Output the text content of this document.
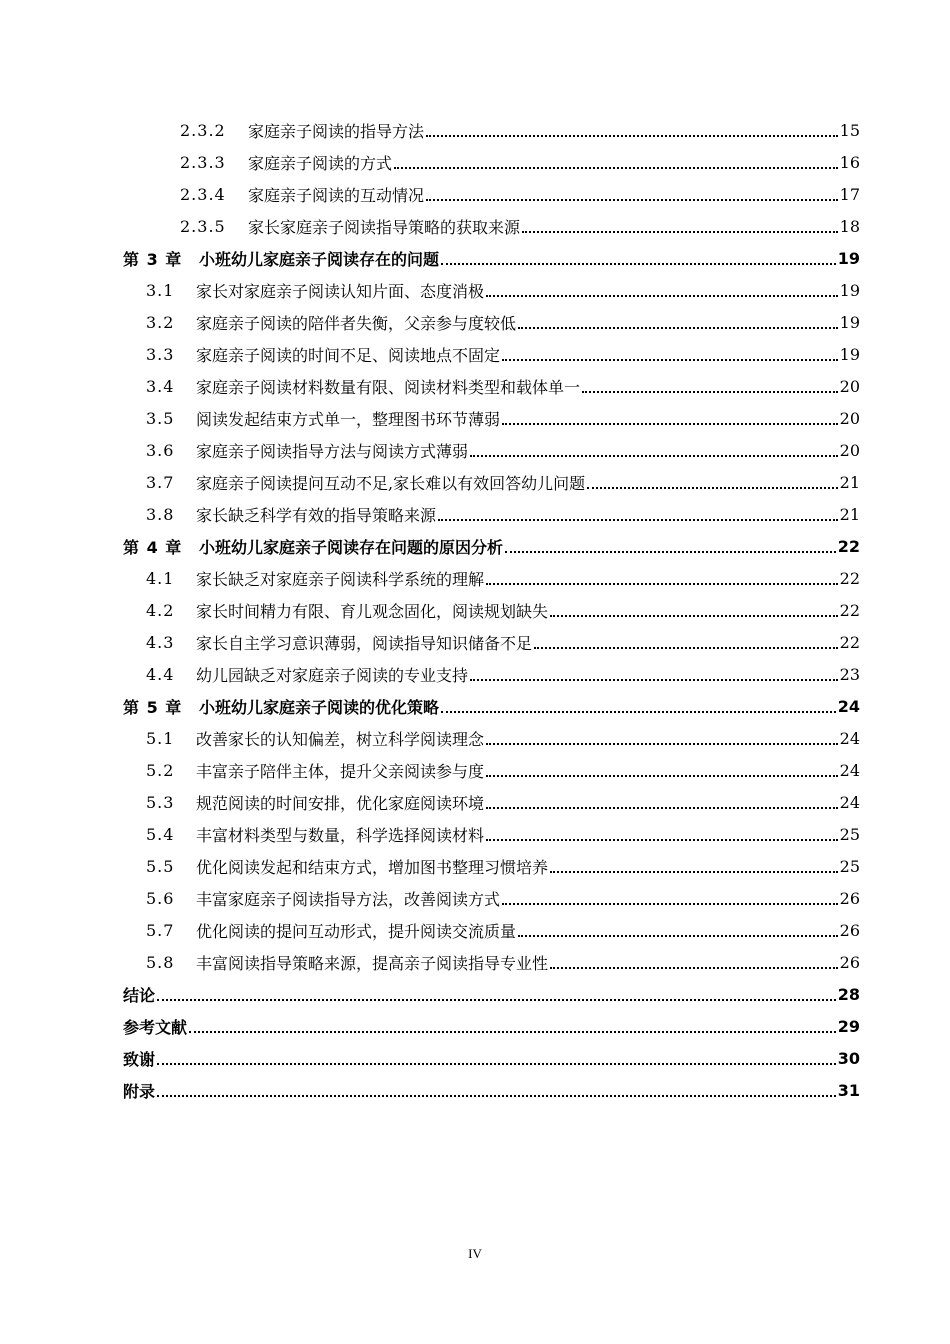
2.3.2	家庭亲子阅读的指导方法	15
2.3.3	家庭亲子阅读的方式	16
2.3.4	家庭亲子阅读的互动情况	17
2.3.5	家长家庭亲子阅读指导策略的获取来源	18
第 3 章	小班幼儿家庭亲子阅读存在的问题	19
3.1	家长对家庭亲子阅读认知片面、态度消极	19
3.2	家庭亲子阅读的陪伴者失衡，父亲参与度较低	19
3.3	家庭亲子阅读的时间不足、阅读地点不固定	19
3.4	家庭亲子阅读材料数量有限、阅读材料类型和载体单一	20
3.5	阅读发起结束方式单一，整理图书环节薄弱	20
3.6	家庭亲子阅读指导方法与阅读方式薄弱	20
3.7	家庭亲子阅读提问互动不足,家长难以有效回答幼儿问题	21
3.8	家长缺乏科学有效的指导策略来源	21
第 4 章	小班幼儿家庭亲子阅读存在问题的原因分析	22
4.1	家长缺乏对家庭亲子阅读科学系统的理解	22
4.2	家长时间精力有限、育儿观念固化，阅读规划缺失	22
4.3	家长自主学习意识薄弱，阅读指导知识储备不足	22
4.4	幼儿园缺乏对家庭亲子阅读的专业支持	23
第 5 章	小班幼儿家庭亲子阅读的优化策略	24
5.1	改善家长的认知偏差，树立科学阅读理念	24
5.2	丰富亲子陪伴主体，提升父亲阅读参与度	24
5.3	规范阅读的时间安排，优化家庭阅读环境	24
5.4	丰富材料类型与数量，科学选择阅读材料	25
5.5	优化阅读发起和结束方式，增加图书整理习惯培养	25
5.6	丰富家庭亲子阅读指导方法，改善阅读方式	26
5.7	优化阅读的提问互动形式，提升阅读交流质量	26
5.8	丰富阅读指导策略来源，提高亲子阅读指导专业性	26
结论	28
参考文献	29
致谢	30
附录	31
IV
